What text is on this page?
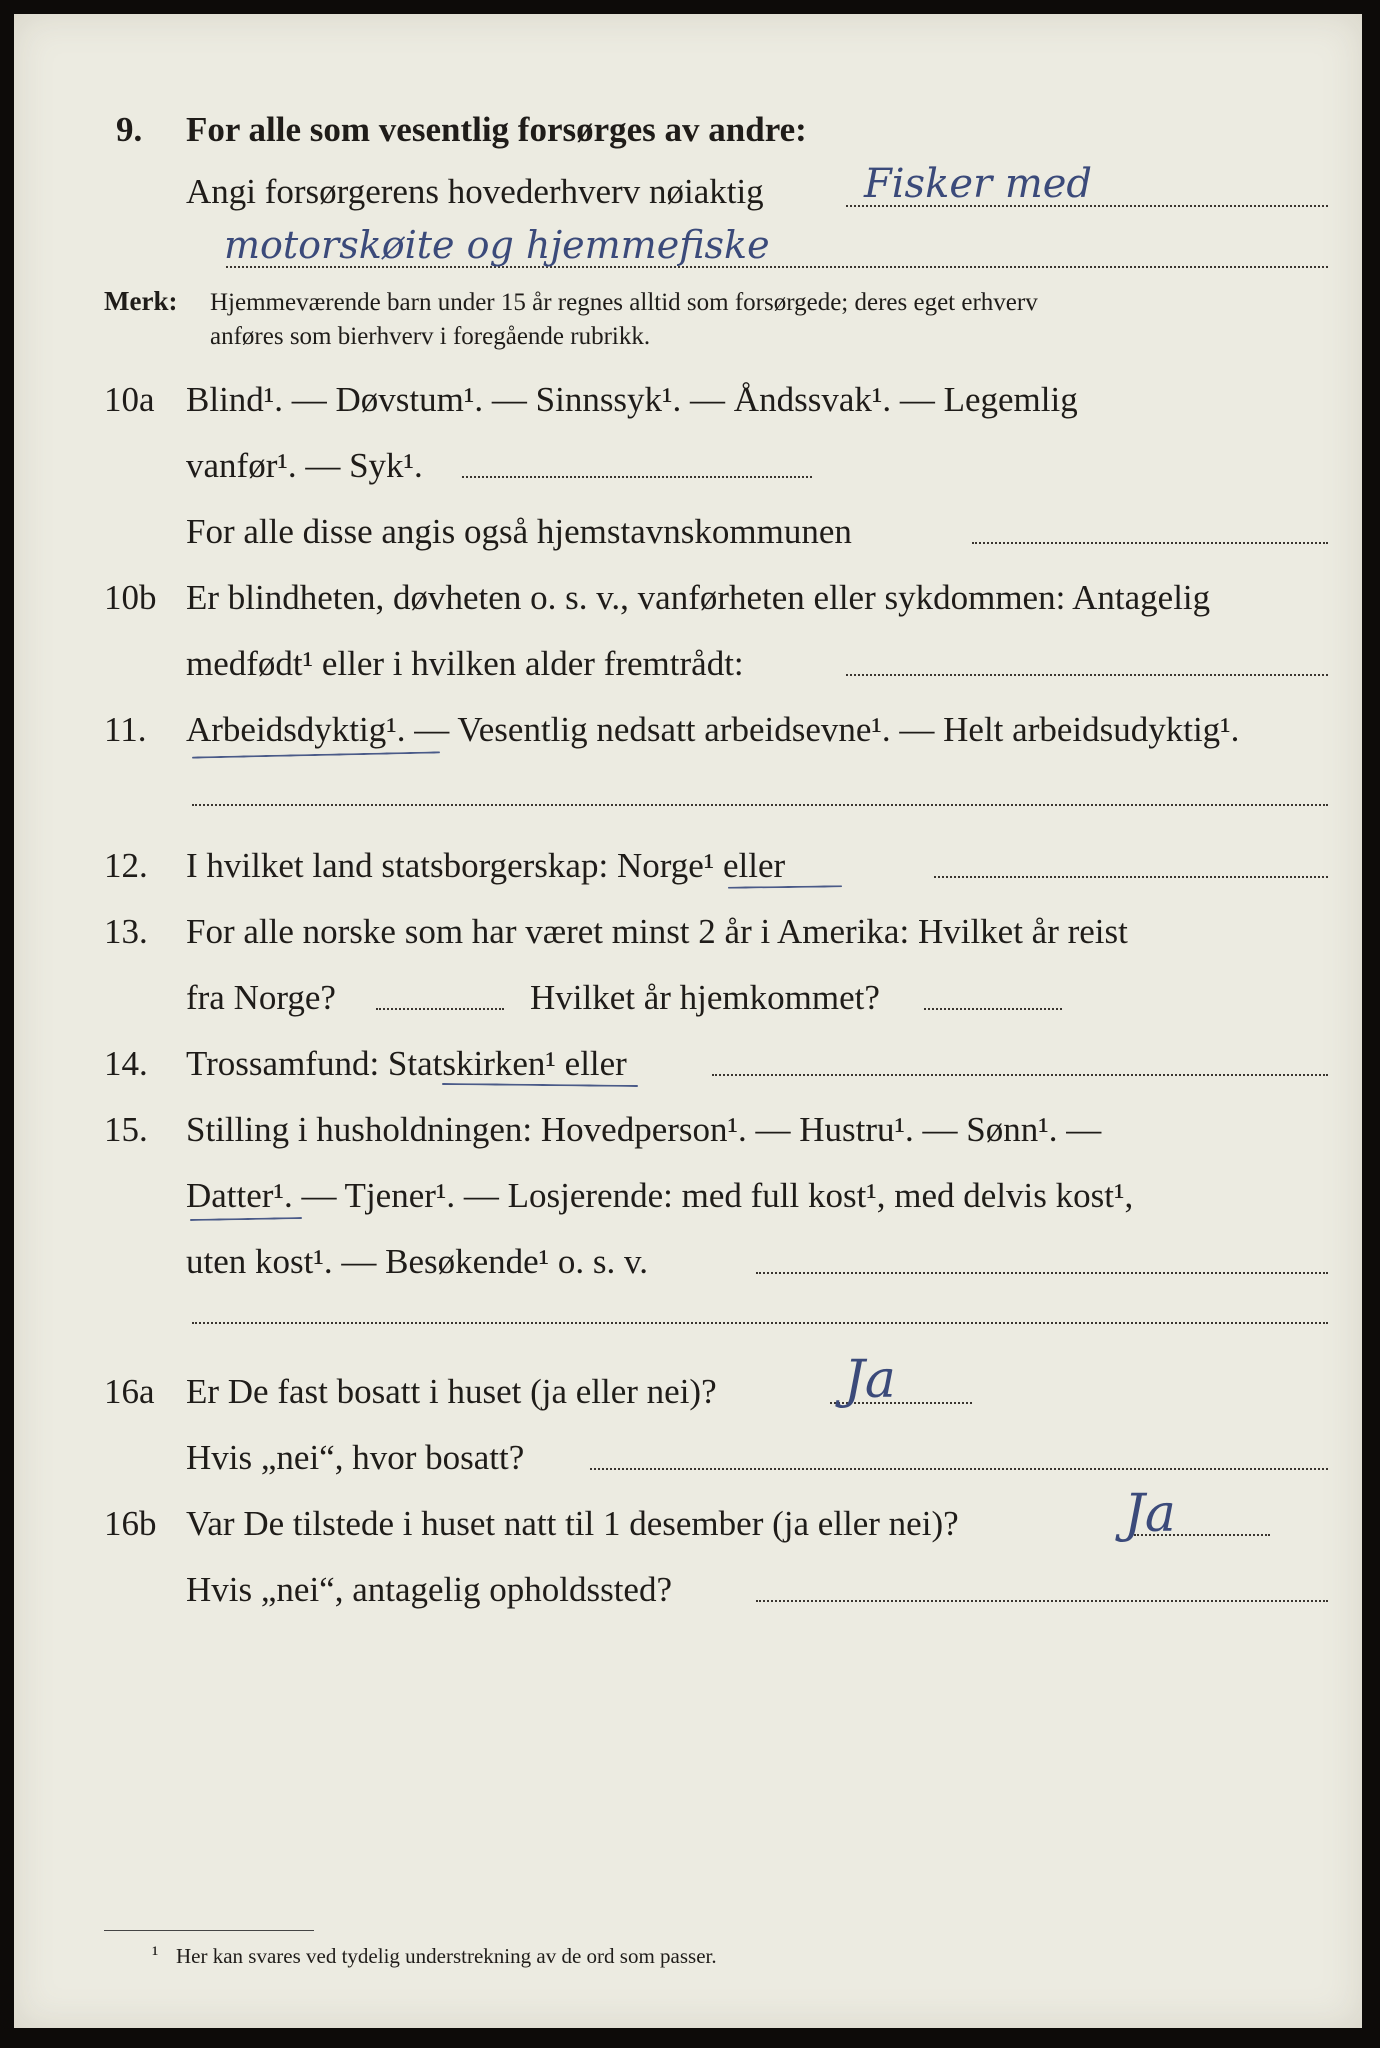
9. For alle som vesentlig forsørges av andre:
Angi forsørgerens hovederhverv nøiaktig	Fisker med
motorskøite og hjemmefiske
Merk: Hjemmeværende barn under 15 år regnes alltid som forsørgede; deres eget erhverv
anføres som bierhverv i foregående rubrikk.
10a Blind¹. — Døvstum¹. — Sinnssyk¹. — Åndssvak¹. — Legemlig
vanfør¹. — Syk¹.
For alle disse angis også hjemstavnskommunen
10b Er blindheten, døvheten o. s. v., vanførheten eller sykdommen: Antagelig
medfødt¹ eller i hvilken alder fremtrådt:
11. Arbeidsdyktig¹. — Vesentlig nedsatt arbeidsevne¹. — Helt arbeidsudyktig¹.
12. I hvilket land statsborgerskap: Norge¹ eller
13. For alle norske som har været minst 2 år i Amerika: Hvilket år reist
fra Norge?	Hvilket år hjemkommet?
14. Trossamfund: Statskirken¹ eller
15. Stilling i husholdningen: Hovedperson¹. — Hustru¹. — Sønn¹. —
Datter¹. — Tjener¹. — Losjerende: med full kost¹, med delvis kost¹,
uten kost¹. — Besøkende¹ o. s. v.
16a Er De fast bosatt i huset (ja eller nei)? Ja
Hvis „nei“, hvor bosatt?
16b Var De tilstede i huset natt til 1 desember (ja eller nei)?	Ja
Hvis „nei“, antagelig opholdssted?
¹ Her kan svares ved tydelig understrekning av de ord som passer.
